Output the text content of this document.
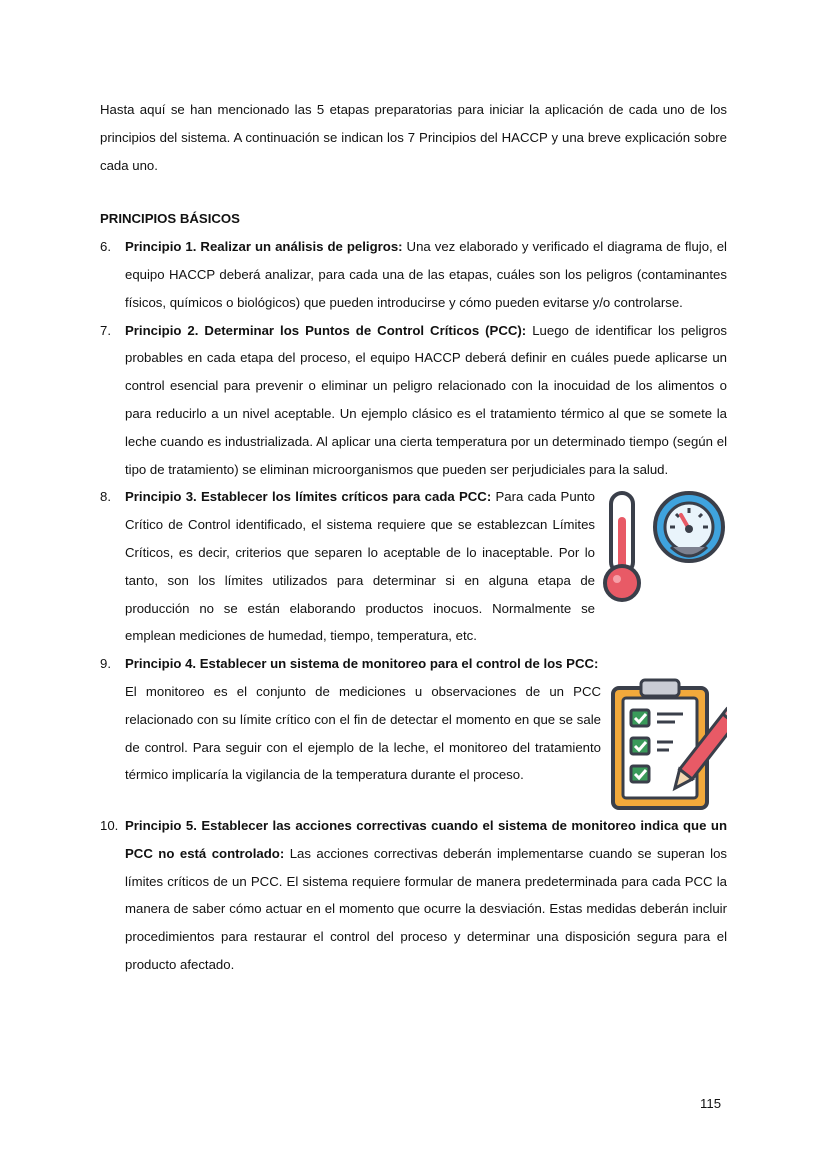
Hasta aquí se han mencionado las 5 etapas preparatorias para iniciar la aplicación de cada uno de los principios del sistema. A continuación se indican los 7 Principios del HACCP y una breve explicación sobre cada uno.

PRINCIPIOS BÁSICOS

6. Principio 1. Realizar un análisis de peligros: Una vez elaborado y verificado el diagrama de flujo, el equipo HACCP deberá analizar, para cada una de las etapas, cuáles son los peligros (contaminantes físicos, químicos o biológicos) que pueden introducirse y cómo pueden evitarse y/o controlarse.
7. Principio 2. Determinar los Puntos de Control Críticos (PCC): Luego de identificar los peligros probables en cada etapa del proceso, el equipo HACCP deberá definir en cuáles puede aplicarse un control esencial para prevenir o eliminar un peligro relacionado con la inocuidad de los alimentos o para reducirlo a un nivel aceptable. Un ejemplo clásico es el tratamiento térmico al que se somete la leche cuando es industrializada. Al aplicar una cierta temperatura por un determinado tiempo (según el tipo de tratamiento) se eliminan microorganismos que pueden ser perjudiciales para la salud.
8. Principio 3. Establecer los límites críticos para cada PCC:
Para cada Punto Crítico de Control identificado, el sistema requiere que se establezcan Límites Críticos, es decir, criterios que separen lo aceptable de lo inaceptable. Por lo tanto, son los límites utilizados para determinar si en alguna etapa de producción no se están elaborando productos inocuos. Normalmente se emplean mediciones de humedad, tiempo, temperatura, etc.
9. Principio 4. Establecer un sistema de monitoreo para el control de los PCC:

El monitoreo es el conjunto de mediciones u observaciones de un PCC relacionado con su límite crítico con el fin de detectar el momento en que se sale de control. Para seguir con el ejemplo de la leche, el monitoreo del tratamiento térmico implicaría la vigilancia de la temperatura durante el proceso.
10. Principio 5. Establecer las acciones correctivas cuando el sistema de monitoreo indica que un PCC no está controlado: Las acciones correctivas deberán implementarse cuando se superan los límites críticos de un PCC. El sistema requiere formular de manera predeterminada para cada PCC la manera de saber cómo actuar en el momento que ocurre la desviación. Estas medidas deberán incluir procedimientos para restaurar el control del proceso y determinar una disposición segura para el producto afectado.
115
